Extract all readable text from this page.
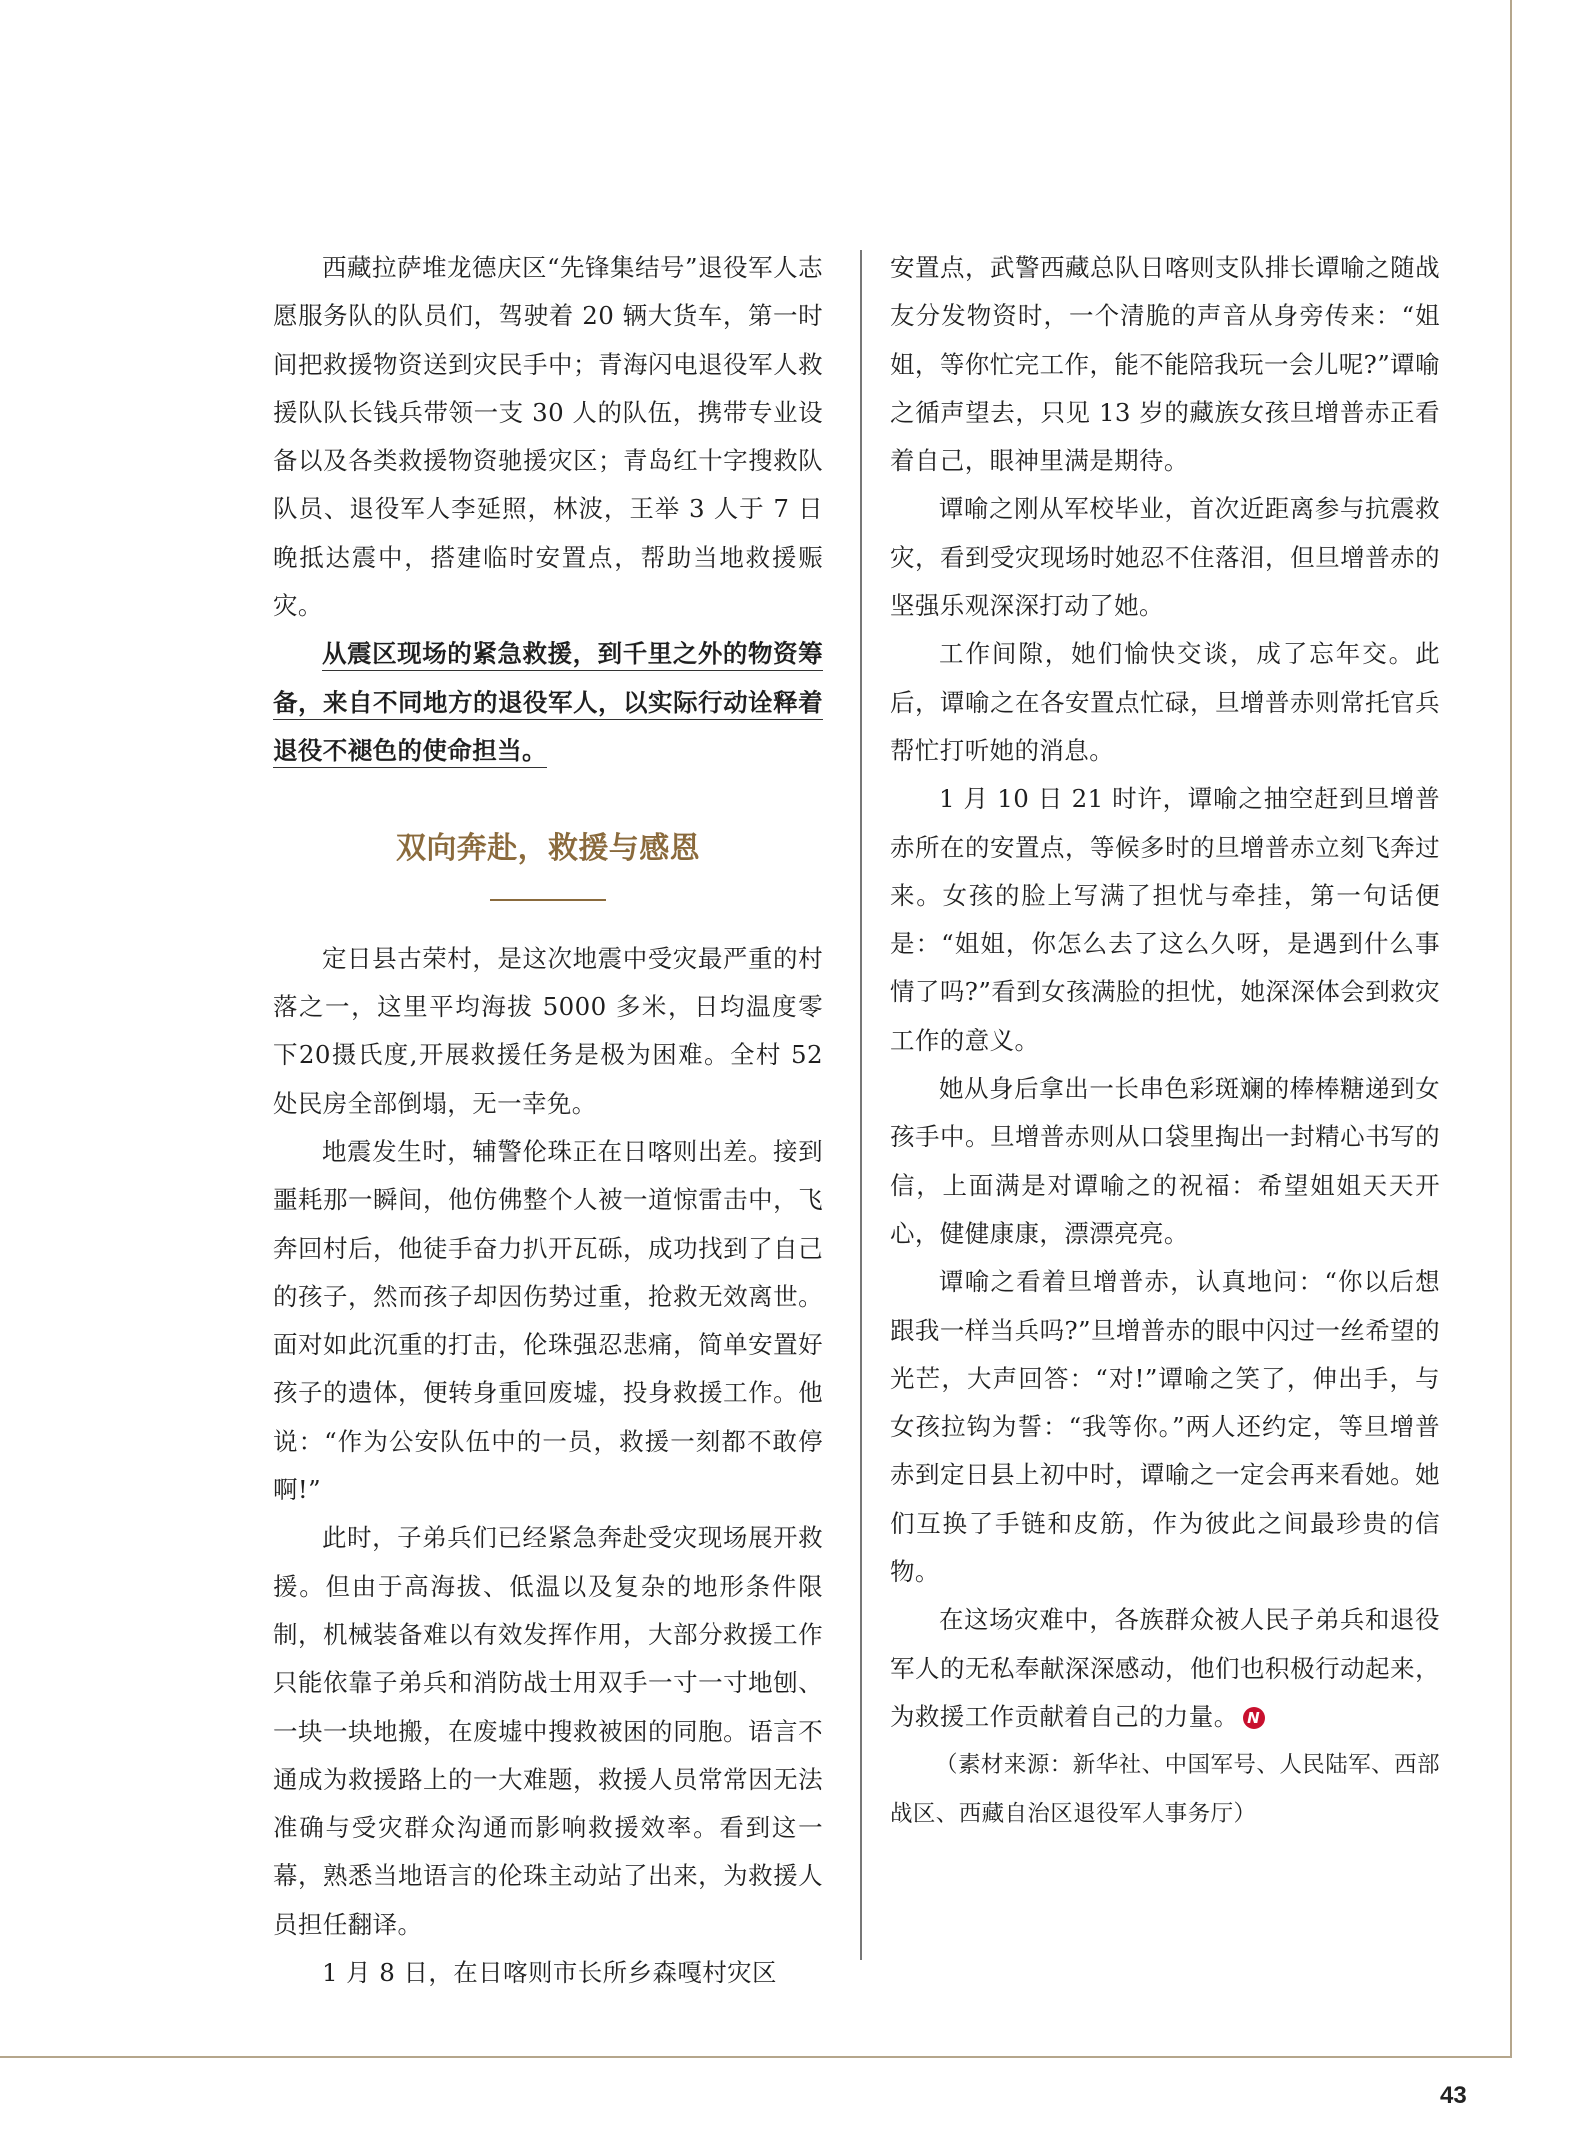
西藏拉萨堆龙德庆区“先锋集结号”退役军人志愿服务队的队员们，驾驶着 20 辆大货车，第一时间把救援物资送到灾民手中；青海闪电退役军人救援队队长钱兵带领一支 30 人的队伍，携带专业设备以及各类救援物资驰援灾区；青岛红十字搜救队队员、退役军人李延照，林波，王举 3 人于 7 日晚抵达震中，搭建临时安置点，帮助当地救援赈灾。

从震区现场的紧急救援，到千里之外的物资筹备，来自不同地方的退役军人，以实际行动诠释着退役不褪色的使命担当。

双向奔赴，救援与感恩

定日县古荣村，是这次地震中受灾最严重的村落之一，这里平均海拔 5000 多米，日均温度零下20摄氏度,开展救援任务是极为困难。全村 52 处民房全部倒塌，无一幸免。

地震发生时，辅警伦珠正在日喀则出差。接到噩耗那一瞬间，他仿佛整个人被一道惊雷击中，飞奔回村后，他徒手奋力扒开瓦砾，成功找到了自己的孩子，然而孩子却因伤势过重，抢救无效离世。面对如此沉重的打击，伦珠强忍悲痛，简单安置好孩子的遗体，便转身重回废墟，投身救援工作。他说：“作为公安队伍中的一员，救援一刻都不敢停啊!”

此时，子弟兵们已经紧急奔赴受灾现场展开救援。但由于高海拔、低温以及复杂的地形条件限制，机械装备难以有效发挥作用，大部分救援工作只能依靠子弟兵和消防战士用双手一寸一寸地刨、一块一块地搬，在废墟中搜救被困的同胞。语言不通成为救援路上的一大难题，救援人员常常因无法准确与受灾群众沟通而影响救援效率。看到这一幕，熟悉当地语言的伦珠主动站了出来，为救援人员担任翻译。

1 月 8 日，在日喀则市长所乡森嘎村灾区

安置点，武警西藏总队日喀则支队排长谭喻之随战友分发物资时，一个清脆的声音从身旁传来：“姐姐，等你忙完工作，能不能陪我玩一会儿呢?”谭喻之循声望去，只见 13 岁的藏族女孩旦增普赤正看着自己，眼神里满是期待。

谭喻之刚从军校毕业，首次近距离参与抗震救灾，看到受灾现场时她忍不住落泪，但旦增普赤的坚强乐观深深打动了她。

工作间隙，她们愉快交谈，成了忘年交。此后，谭喻之在各安置点忙碌，旦增普赤则常托官兵帮忙打听她的消息。

1 月 10 日 21 时许，谭喻之抽空赶到旦增普赤所在的安置点，等候多时的旦增普赤立刻飞奔过来。女孩的脸上写满了担忧与牵挂，第一句话便是：“姐姐，你怎么去了这么久呀，是遇到什么事情了吗?”看到女孩满脸的担忧，她深深体会到救灾工作的意义。

她从身后拿出一长串色彩斑斓的棒棒糖递到女孩手中。旦增普赤则从口袋里掏出一封精心书写的信，上面满是对谭喻之的祝福：希望姐姐天天开心，健健康康，漂漂亮亮。

谭喻之看着旦增普赤，认真地问：“你以后想跟我一样当兵吗?”旦增普赤的眼中闪过一丝希望的光芒，大声回答：“对!”谭喻之笑了，伸出手，与女孩拉钩为誓：“我等你。”两人还约定，等旦增普赤到定日县上初中时，谭喻之一定会再来看她。她们互换了手链和皮筋，作为彼此之间最珍贵的信物。

在这场灾难中，各族群众被人民子弟兵和退役军人的无私奉献深深感动，他们也积极行动起来，为救援工作贡献着自己的力量。 N

（素材来源：新华社、中国军号、人民陆军、西部战区、西藏自治区退役军人事务厅）

43
